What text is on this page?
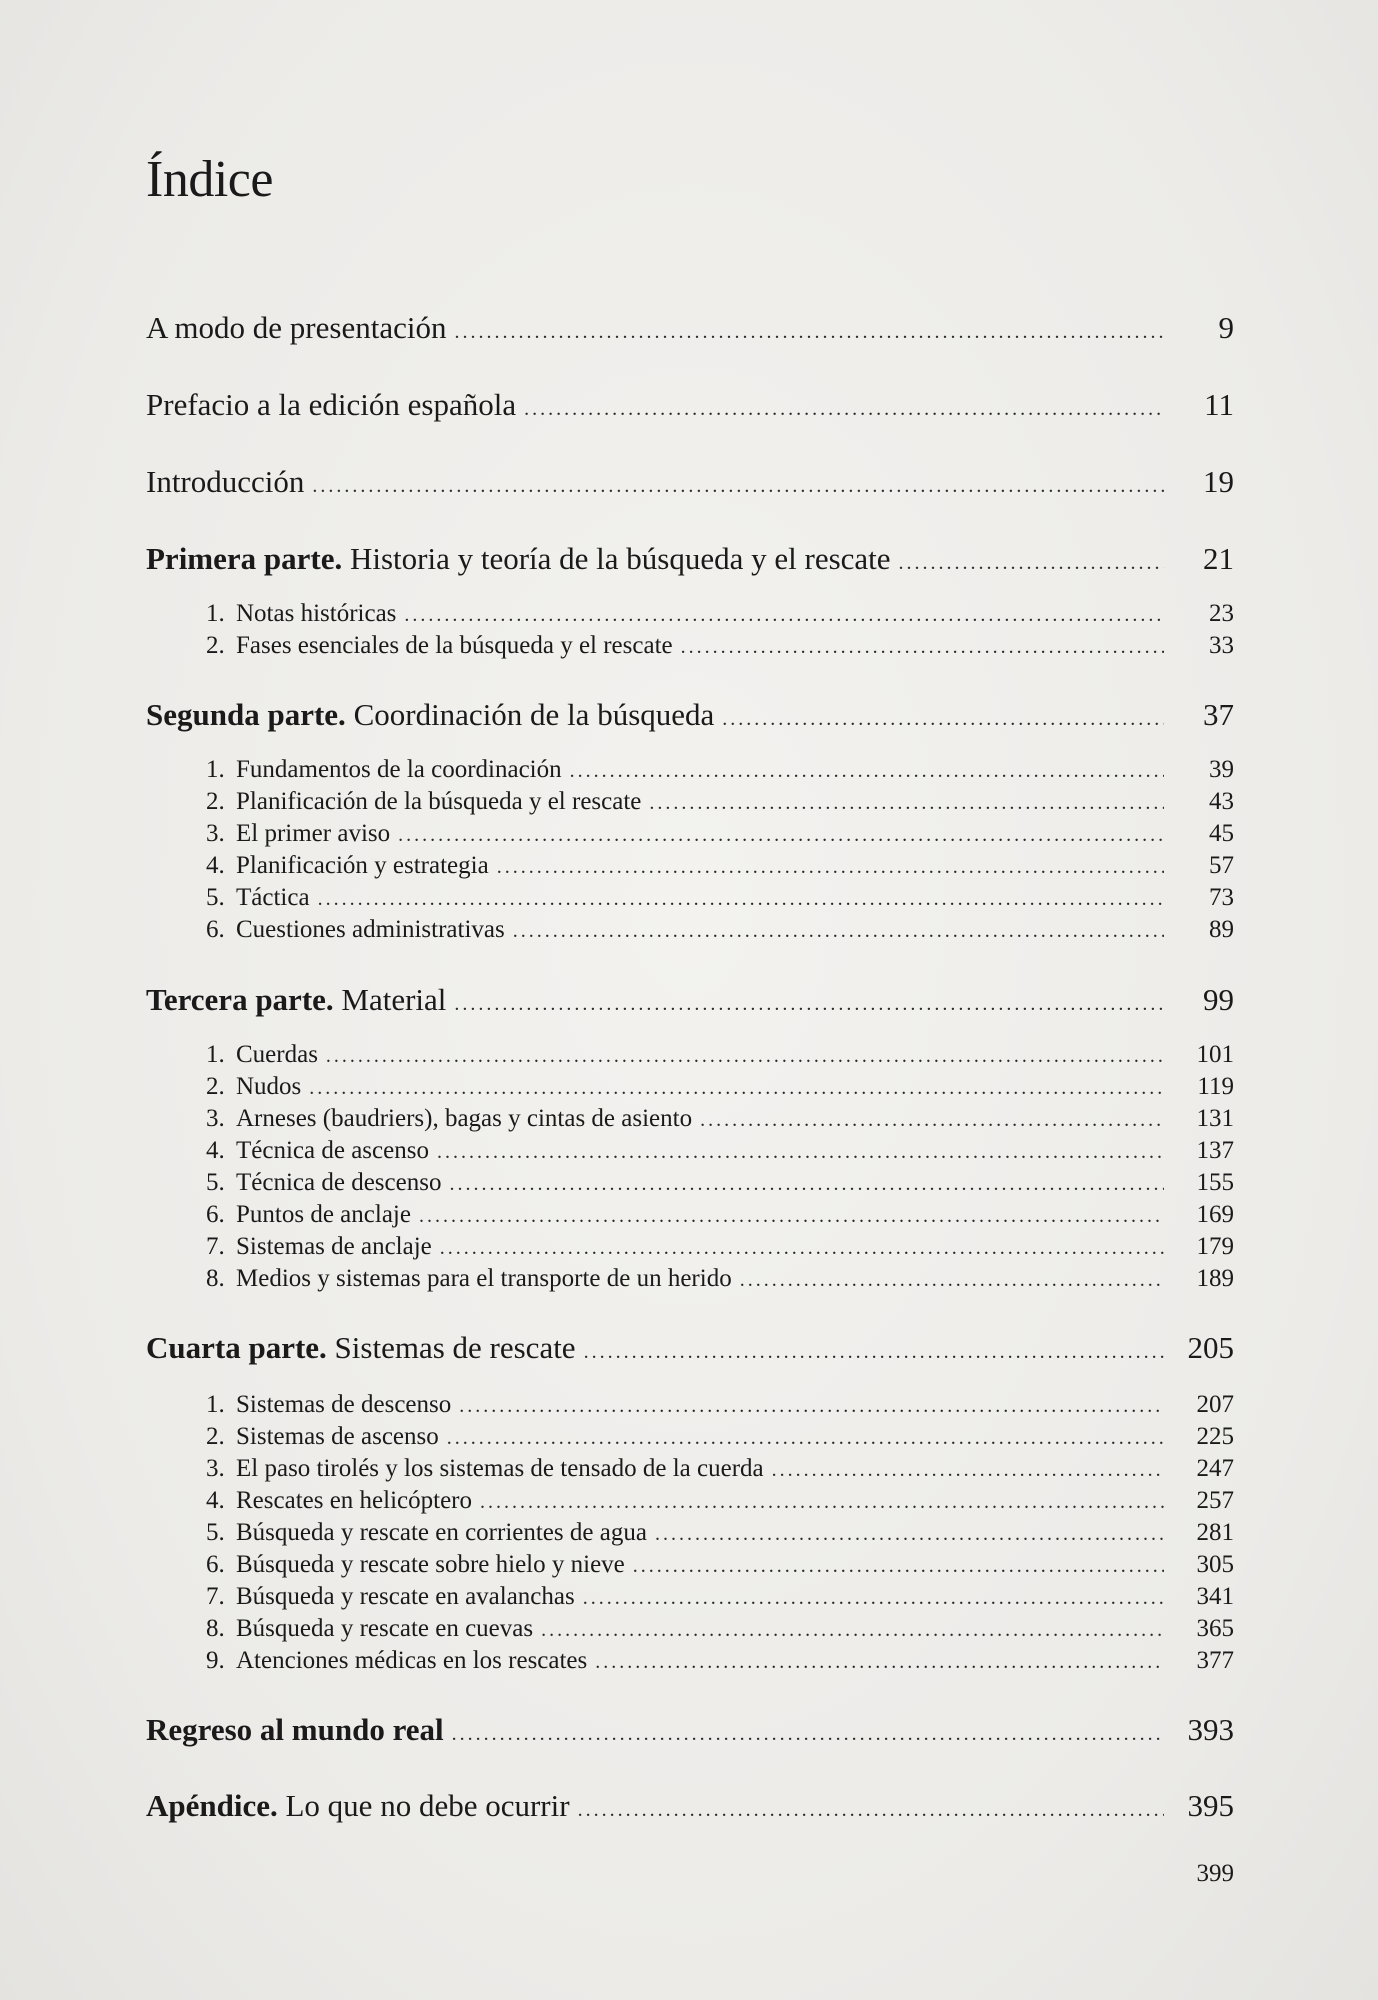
Índice
A modo de presentación .....	9
Prefacio a la edición española .....	11
Introducción .....	19
Primera parte. Historia y teoría de la búsqueda y el rescate .....	21
1. Notas históricas .....	23
2. Fases esenciales de la búsqueda y el rescate .....	33
Segunda parte. Coordinación de la búsqueda .....	37
1. Fundamentos de la coordinación .....	39
2. Planificación de la búsqueda y el rescate .....	43
3. El primer aviso .....	45
4. Planificación y estrategia .....	57
5. Táctica .....	73
6. Cuestiones administrativas .....	89
Tercera parte. Material .....	99
1. Cuerdas .....	101
2. Nudos .....	119
3. Arneses (baudriers), bagas y cintas de asiento .....	131
4. Técnica de ascenso .....	137
5. Técnica de descenso .....	155
6. Puntos de anclaje .....	169
7. Sistemas de anclaje .....	179
8. Medios y sistemas para el transporte de un herido .....	189
Cuarta parte. Sistemas de rescate .....	205
1. Sistemas de descenso .....	207
2. Sistemas de ascenso .....	225
3. El paso tirolés y los sistemas de tensado de la cuerda .....	247
4. Rescates en helicóptero .....	257
5. Búsqueda y rescate en corrientes de agua .....	281
6. Búsqueda y rescate sobre hielo y nieve .....	305
7. Búsqueda y rescate en avalanchas .....	341
8. Búsqueda y rescate en cuevas .....	365
9. Atenciones médicas en los rescates .....	377
Regreso al mundo real .....	393
Apéndice. Lo que no debe ocurrir .....	395
399
